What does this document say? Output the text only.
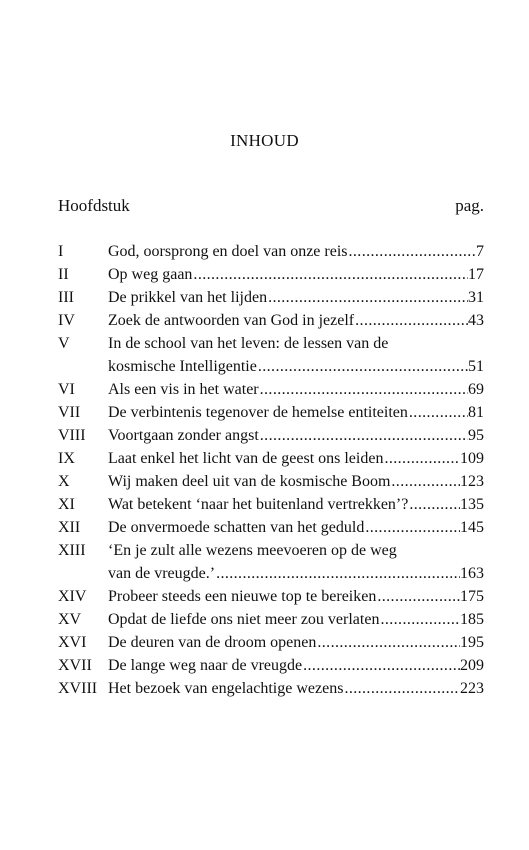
INHOUD
Hoofdstuk	pag.
I	God, oorsprong en doel van onze reis .....	7
II	Op weg gaan .....	17
III	De prikkel van het lijden .....	31
IV	Zoek de antwoorden van God in jezelf .....	43
V	In de school van het leven: de lessen van de
kosmische Intelligentie .....	51
VI	Als een vis in het water .....	69
VII	De verbintenis tegenover de hemelse entiteiten .....	81
VIII	Voortgaan zonder angst .....	95
IX	Laat enkel het licht van de geest ons leiden .....	109
X	Wij maken deel uit van de kosmische Boom .....	123
XI	Wat betekent ‘naar het buitenland vertrekken’? .....	135
XII	De onvermoede schatten van het geduld .....	145
XIII	‘En je zult alle wezens meevoeren op de weg
van de vreugde.’ .....	163
XIV	Probeer steeds een nieuwe top te bereiken .....	175
XV	Opdat de liefde ons niet meer zou verlaten .....	185
XVI	De deuren van de droom openen .....	195
XVII	De lange weg naar de vreugde .....	209
XVIII Het bezoek van engelachtige wezens .....	223
